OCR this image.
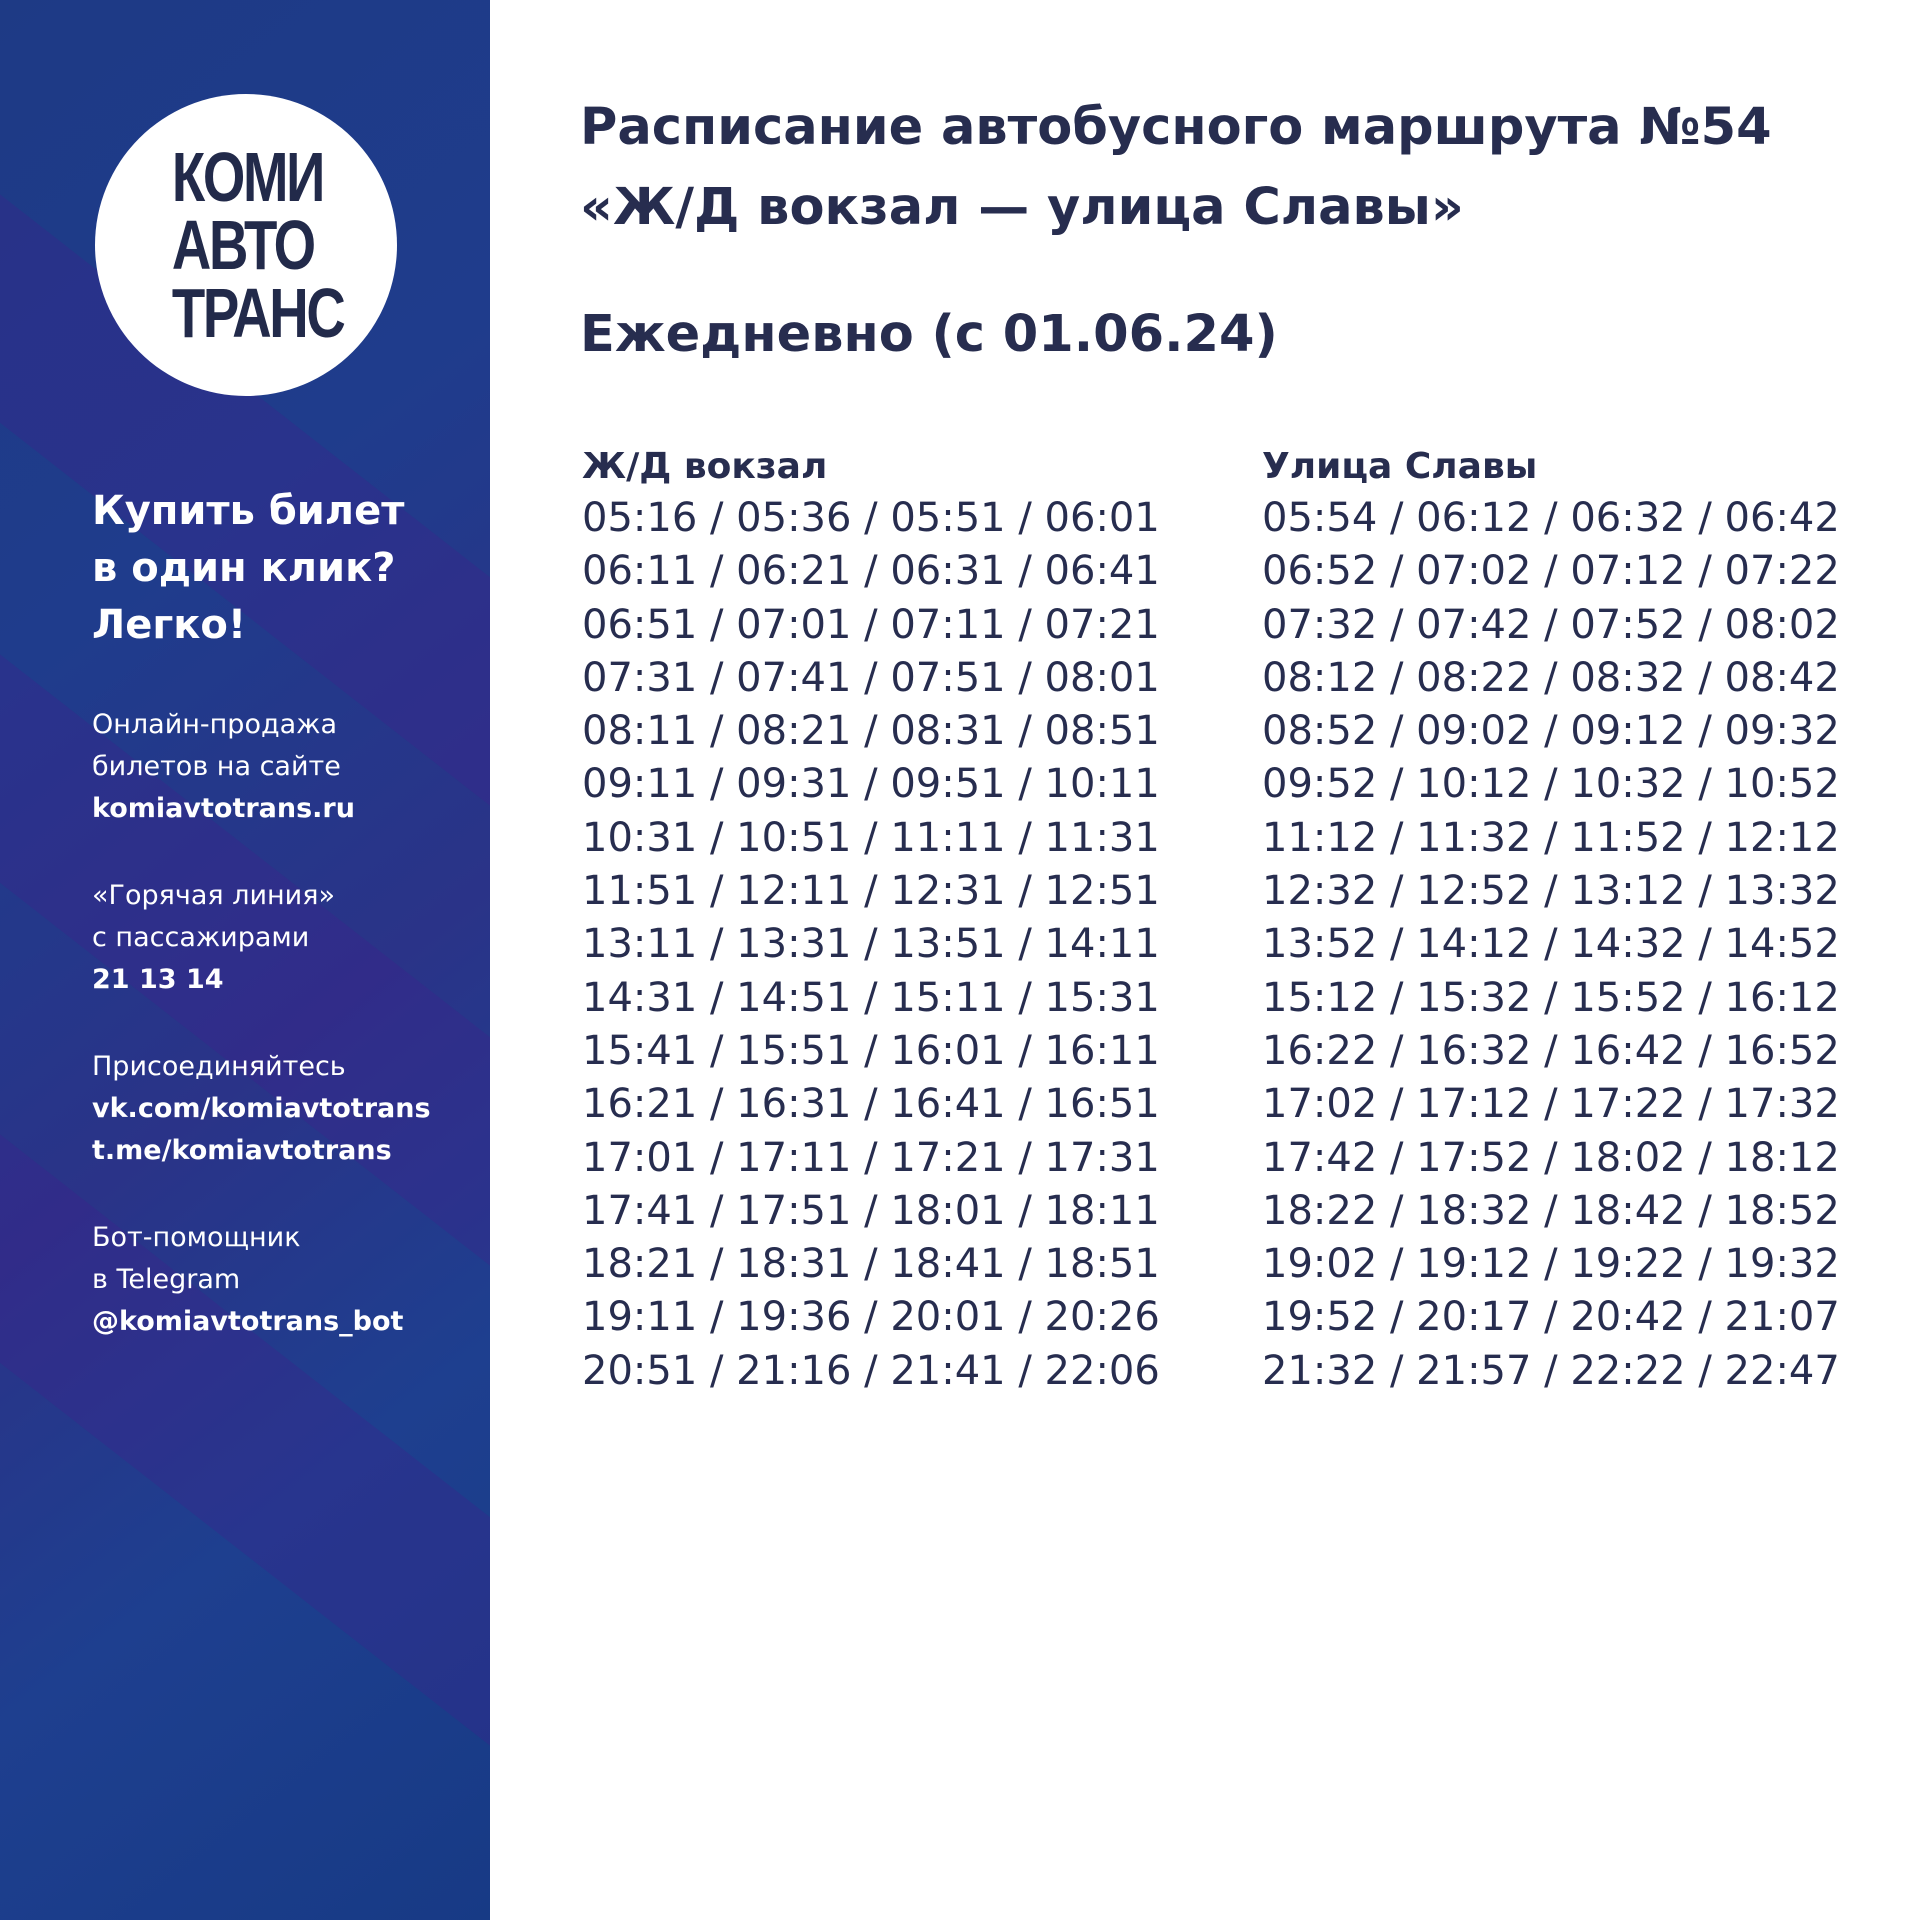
КОМИ
АВТО
ТРАНС
Купить билет
в один клик?
Легко!
Онлайн-продажа
билетов на сайте
komiavtotrans.ru
«Горячая линия»
с пассажирами
21 13 14
Присоединяйтесь
vk.com/komiavtotrans
t.me/komiavtotrans
Бот-помощник
в Telegram
@komiavtotrans_bot
Расписание автобусного маршрута №54
«Ж/Д вокзал — улица Славы»
Ежедневно (с 01.06.24)
Ж/Д вокзал
05:16 / 05:36 / 05:51 / 06:01
06:11 / 06:21 / 06:31 / 06:41
06:51 / 07:01 / 07:11 / 07:21
07:31 / 07:41 / 07:51 / 08:01
08:11 / 08:21 / 08:31 / 08:51
09:11 / 09:31 / 09:51 / 10:11
10:31 / 10:51 / 11:11 / 11:31
11:51 / 12:11 / 12:31 / 12:51
13:11 / 13:31 / 13:51 / 14:11
14:31 / 14:51 / 15:11 / 15:31
15:41 / 15:51 / 16:01 / 16:11
16:21 / 16:31 / 16:41 / 16:51
17:01 / 17:11 / 17:21 / 17:31
17:41 / 17:51 / 18:01 / 18:11
18:21 / 18:31 / 18:41 / 18:51
19:11 / 19:36 / 20:01 / 20:26
20:51 / 21:16 / 21:41 / 22:06
Улица Славы
05:54 / 06:12 / 06:32 / 06:42
06:52 / 07:02 / 07:12 / 07:22
07:32 / 07:42 / 07:52 / 08:02
08:12 / 08:22 / 08:32 / 08:42
08:52 / 09:02 / 09:12 / 09:32
09:52 / 10:12 / 10:32 / 10:52
11:12 / 11:32 / 11:52 / 12:12
12:32 / 12:52 / 13:12 / 13:32
13:52 / 14:12 / 14:32 / 14:52
15:12 / 15:32 / 15:52 / 16:12
16:22 / 16:32 / 16:42 / 16:52
17:02 / 17:12 / 17:22 / 17:32
17:42 / 17:52 / 18:02 / 18:12
18:22 / 18:32 / 18:42 / 18:52
19:02 / 19:12 / 19:22 / 19:32
19:52 / 20:17 / 20:42 / 21:07
21:32 / 21:57 / 22:22 / 22:47
